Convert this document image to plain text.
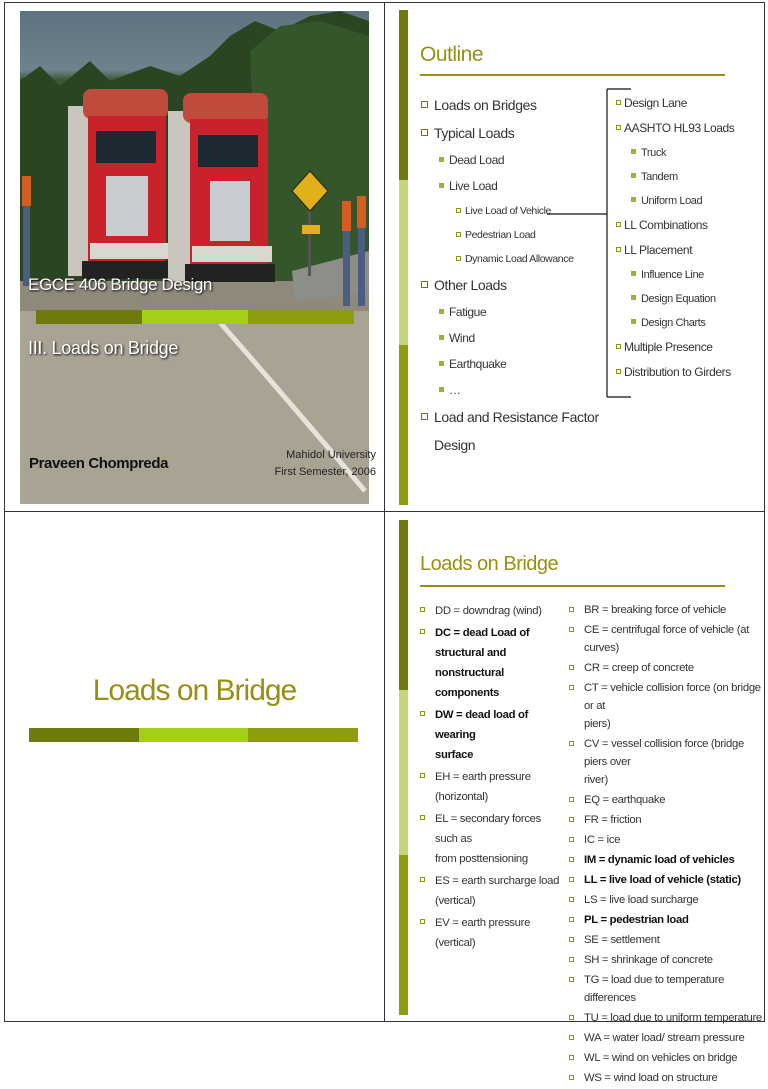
EGCE 406 Bridge Design
III. Loads on Bridge
Praveen Chompreda	Mahidol University
First Semester, 2006
Outline
Loads on Bridges
Typical Loads
Dead Load
Live Load
Live Load of Vehicle
Pedestrian Load
Dynamic Load Allowance
Other Loads
Fatigue
Wind
Earthquake
…
Load and Resistance Factor
Design
Design Lane
AASHTO HL93 Loads
Truck
Tandem
Uniform Load
LL Combinations
LL Placement
Influence Line
Design Equation
Design Charts
Multiple Presence
Distribution to Girders
Loads on Bridge
Loads on Bridge
DD = downdrag (wind)
DC = dead Load of
structural and
nonstructural components
DW = dead load of wearing
surface
EH = earth pressure
(horizontal)
EL = secondary forces such as
from posttensioning
ES = earth surcharge load
(vertical)
EV = earth pressure (vertical)
BR = breaking force of vehicle
CE = centrifugal force of vehicle (at curves)
CR = creep of concrete
CT = vehicle collision force (on bridge or at
piers)
CV = vessel collision force (bridge piers over
river)
EQ = earthquake
FR = friction
IC = ice
IM = dynamic load of vehicles
LL = live load of vehicle (static)
LS = live load surcharge
PL = pedestrian load
SE = settlement
SH = shrinkage of concrete
TG = load due to temperature differences
TU = load due to uniform temperature
WA = water load/ stream pressure
WL = wind on vehicles on bridge
WS = wind load on structure
